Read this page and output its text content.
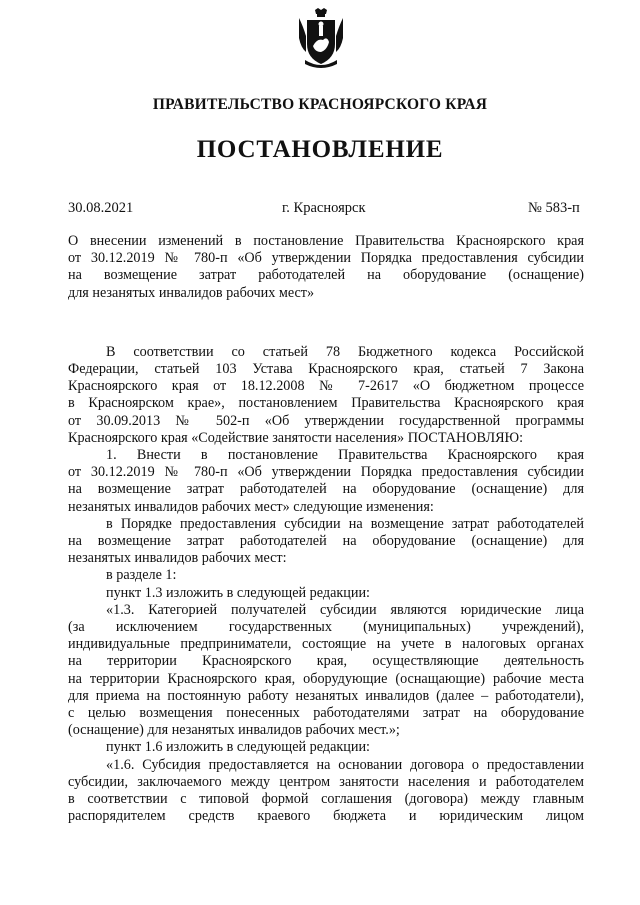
ПРАВИТЕЛЬСТВО КРАСНОЯРСКОГО КРАЯ
ПОСТАНОВЛЕНИЕ
30.08.2021	г. Красноярск	№ 583-п

О внесении изменений в постановление Правительства Красноярского края

от 30.12.2019 № 780-п «Об утверждении Порядка предоставления субсидии

на возмещение затрат работодателей на оборудование (оснащение)

для незанятых инвалидов рабочих мест»

В соответствии со статьей 78 Бюджетного кодекса Российской

Федерации, статьей 103 Устава Красноярского края, статьей 7 Закона

Красноярского края от 18.12.2008 № 7-2617 «О бюджетном процессе

в Красноярском крае», постановлением Правительства Красноярского края

от 30.09.2013 № 502-п «Об утверждении государственной программы

Красноярского края «Содействие занятости населения» ПОСТАНОВЛЯЮ:

1. Внести в постановление Правительства Красноярского края

от 30.12.2019 № 780-п «Об утверждении Порядка предоставления субсидии

на возмещение затрат работодателей на оборудование (оснащение) для

незанятых инвалидов рабочих мест» следующие изменения:

в Порядке предоставления субсидии на возмещение затрат работодателей

на возмещение затрат работодателей на оборудование (оснащение) для

незанятых инвалидов рабочих мест:

в разделе 1:

пункт 1.3 изложить в следующей редакции:

«1.3. Категорией получателей субсидии являются юридические лица

(за исключением государственных (муниципальных) учреждений),

индивидуальные предприниматели, состоящие на учете в налоговых органах

на территории Красноярского края, осуществляющие деятельность

на территории Красноярского края, оборудующие (оснащающие) рабочие места

для приема на постоянную работу незанятых инвалидов (далее – работодатели),

с целью возмещения понесенных работодателями затрат на оборудование

(оснащение) для незанятых инвалидов рабочих мест.»;

пункт 1.6 изложить в следующей редакции:

«1.6. Субсидия предоставляется на основании договора о предоставлении

субсидии, заключаемого между центром занятости населения и работодателем

в соответствии с типовой формой соглашения (договора) между главным

распорядителем средств краевого бюджета и юридическим лицом
